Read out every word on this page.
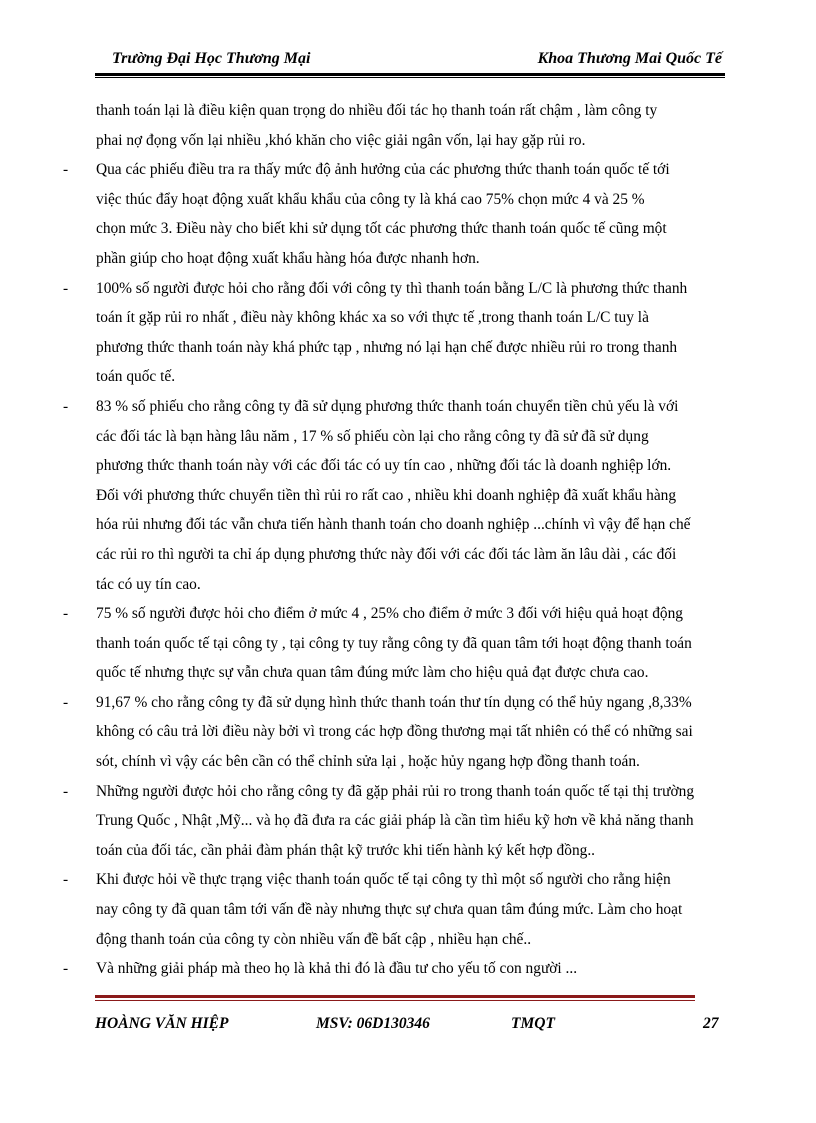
Trường Đại Học Thương Mại	Khoa Thương Mai Quốc Tế
thanh toán lại là điều kiện quan trọng do nhiều đối tác họ thanh toán rất chậm , làm công ty
phai nợ đọng vốn lại nhiều ,khó khăn cho việc giải ngân vốn, lại hay gặp rủi ro.
- Qua các phiếu điều tra ra thấy mức độ ảnh hưởng của các phương thức thanh toán quốc tế tới
việc thúc đẩy hoạt động xuất khẩu khẩu của công ty là khá cao 75% chọn mức 4 và 25 %
chọn mức 3. Điều này cho biết khi sử dụng tốt các phương thức thanh toán quốc tế cũng một
phần giúp cho hoạt động xuất khẩu hàng hóa được nhanh hơn.
- 100% số người được hỏi cho rằng đối với công ty thì thanh toán bằng L/C là phương thức thanh
toán ít gặp rủi ro nhất , điều này không khác xa so với thực tế ,trong thanh toán L/C tuy là
phương thức thanh toán này khá phức tạp , nhưng nó lại hạn chế được nhiều rủi ro trong thanh
toán quốc tế.
- 83 % số phiếu cho rằng công ty đã sử dụng phương thức thanh toán chuyển tiền chủ yếu là với
các đối tác là bạn hàng lâu năm , 17 % số phiếu còn lại cho rằng công ty đã sử đã sử dụng
phương thức thanh toán này với các đối tác có uy tín cao , những đối tác là doanh nghiệp lớn.
Đối với phương thức chuyển tiền thì rủi ro rất cao , nhiều khi doanh nghiệp đã xuất khẩu hàng
hóa rủi nhưng đối tác vẫn chưa tiến hành thanh toán cho doanh nghiệp ...chính vì vậy để hạn chế
các rủi ro thì người ta chỉ áp dụng phương thức này đối với các đối tác làm ăn lâu dài , các đối
tác có uy tín cao.
- 75 % số người được hỏi cho điểm ở mức 4 , 25% cho điểm ở mức 3 đối với hiệu quả hoạt động
thanh toán quốc tế tại công ty , tại công ty tuy rằng công ty đã quan tâm tới hoạt động thanh toán
quốc tế nhưng thực sự vẫn chưa quan tâm đúng mức làm cho hiệu quả đạt được chưa cao.
- 91,67 % cho rằng công ty đã sử dụng hình thức thanh toán thư tín dụng có thể hủy ngang ,8,33%
không có câu trả lời điều này bởi vì trong các hợp đồng thương mại tất nhiên có thể có những sai
sót, chính vì vậy các bên cần có thể chỉnh sửa lại , hoặc hủy ngang hợp đồng thanh toán.
- Những người được hỏi cho rằng công ty đã gặp phải rủi ro trong thanh toán quốc tế tại thị trường
Trung Quốc , Nhật ,Mỹ... và họ đã đưa ra các giải pháp là cần tìm hiểu kỹ hơn về khả năng thanh
toán của đối tác, cần phải đàm phán thật kỹ trước khi tiến hành ký kết hợp đồng..
- Khi được hỏi về thực trạng việc thanh toán quốc tế tại công ty thì một số người cho rằng hiện
nay công ty đã quan tâm tới vấn đề này nhưng thực sự chưa quan tâm đúng mức. Làm cho hoạt
động thanh toán của công ty còn nhiều vấn đề bất cập , nhiều hạn chế..
- Và những giải pháp mà theo họ là khả thi đó là đầu tư cho yếu tố con người ...
HOÀNG VĂN HIỆP	MSV: 06D130346	TMQT	27
